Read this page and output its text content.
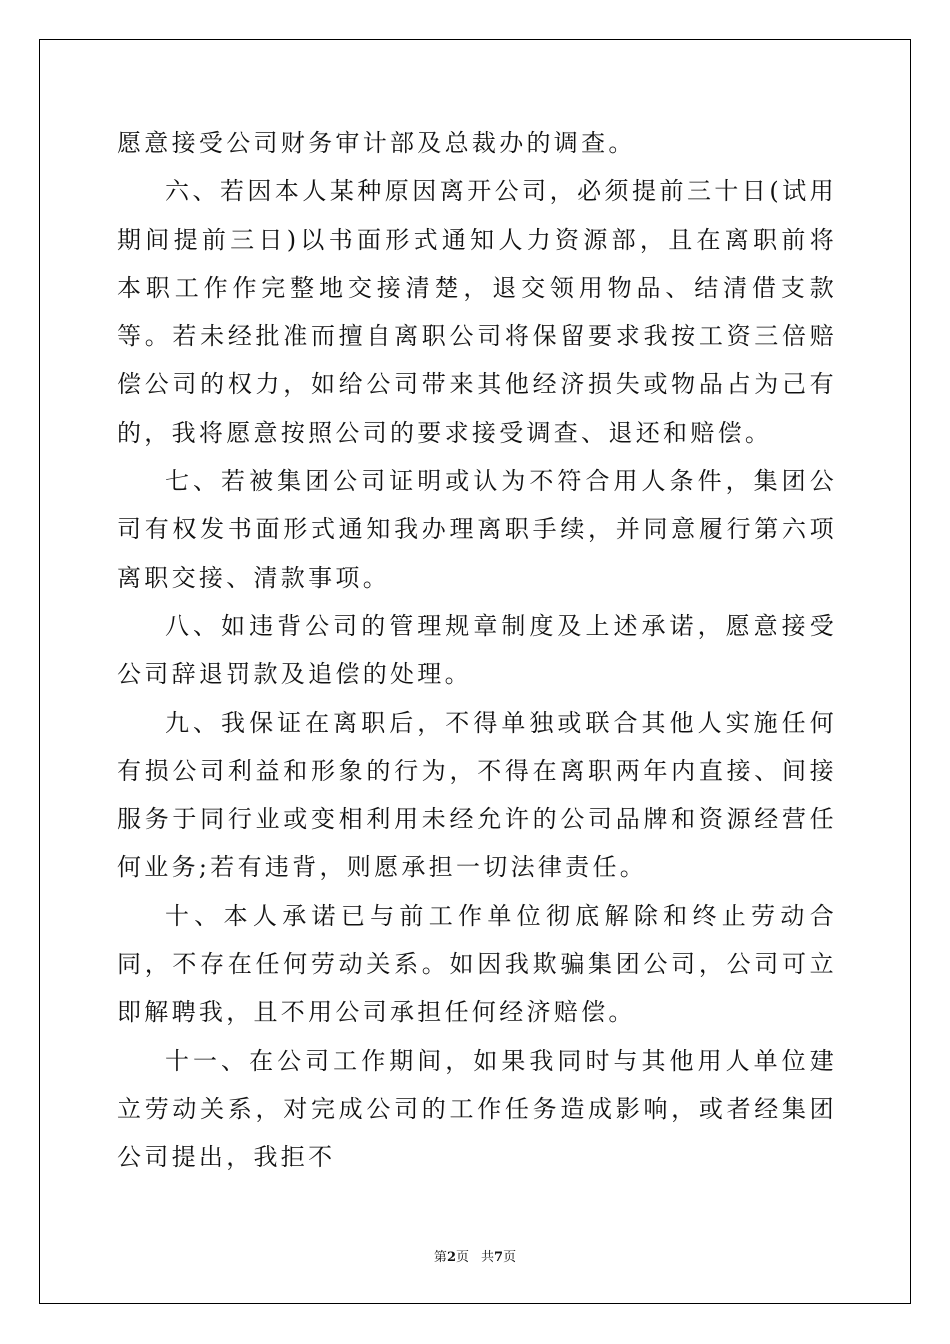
愿意接受公司财务审计部及总裁办的调查。

六、若因本人某种原因离开公司，必须提前三十日(试用期间提前三日)以书面形式通知人力资源部，且在离职前将本职工作作完整地交接清楚，退交领用物品、结清借支款等。若未经批准而擅自离职公司将保留要求我按工资三倍赔偿公司的权力，如给公司带来其他经济损失或物品占为己有的，我将愿意按照公司的要求接受调查、退还和赔偿。

七、若被集团公司证明或认为不符合用人条件，集团公司有权发书面形式通知我办理离职手续，并同意履行第六项离职交接、清款事项。

八、如违背公司的管理规章制度及上述承诺，愿意接受公司辞退罚款及追偿的处理。

九、我保证在离职后，不得单独或联合其他人实施任何有损公司利益和形象的行为，不得在离职两年内直接、间接服务于同行业或变相利用未经允许的公司品牌和资源经营任何业务;若有违背，则愿承担一切法律责任。

十、本人承诺已与前工作单位彻底解除和终止劳动合同，不存在任何劳动关系。如因我欺骗集团公司，公司可立即解聘我，且不用公司承担任何经济赔偿。

十一、在公司工作期间，如果我同时与其他用人单位建立劳动关系，对完成公司的工作任务造成影响，或者经集团公司提出，我拒不

第2页 共7页
